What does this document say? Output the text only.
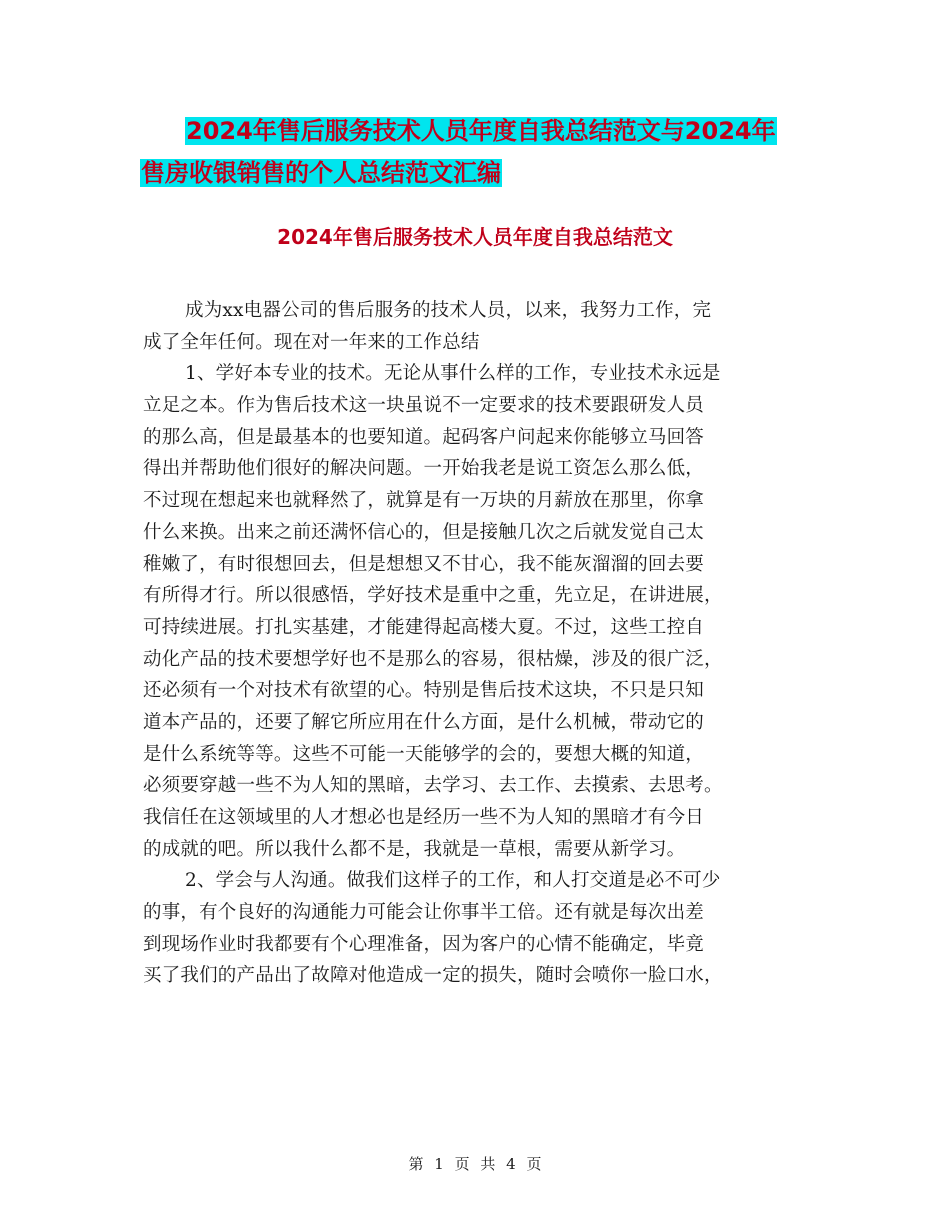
2024年售后服务技术人员年度自我总结范文与2024年
售房收银销售的个人总结范文汇编
2024年售后服务技术人员年度自我总结范文
成为xx电器公司的售后服务的技术人员，以来，我努力工作，完
成了全年任何。现在对一年来的工作总结
1、学好本专业的技术。无论从事什么样的工作，专业技术永远是
立足之本。作为售后技术这一块虽说不一定要求的技术要跟研发人员
的那么高，但是最基本的也要知道。起码客户问起来你能够立马回答
得出并帮助他们很好的解决问题。一开始我老是说工资怎么那么低，
不过现在想起来也就释然了，就算是有一万块的月薪放在那里，你拿
什么来换。出来之前还满怀信心的，但是接触几次之后就发觉自己太
稚嫩了，有时很想回去，但是想想又不甘心，我不能灰溜溜的回去要
有所得才行。所以很感悟，学好技术是重中之重，先立足，在讲进展，
可持续进展。打扎实基建，才能建得起高楼大夏。不过，这些工控自
动化产品的技术要想学好也不是那么的容易，很枯燥，涉及的很广泛，
还必须有一个对技术有欲望的心。特别是售后技术这块，不只是只知
道本产品的，还要了解它所应用在什么方面，是什么机械，带动它的
是什么系统等等。这些不可能一天能够学的会的，要想大概的知道，
必须要穿越一些不为人知的黑暗，去学习、去工作、去摸索、去思考。
我信任在这领域里的人才想必也是经历一些不为人知的黑暗才有今日
的成就的吧。所以我什么都不是，我就是一草根，需要从新学习。
2、学会与人沟通。做我们这样子的工作，和人打交道是必不可少
的事，有个良好的沟通能力可能会让你事半工倍。还有就是每次出差
到现场作业时我都要有个心理准备，因为客户的心情不能确定，毕竟
买了我们的产品出了故障对他造成一定的损失，随时会喷你一脸口水，
第 1 页 共 4 页
